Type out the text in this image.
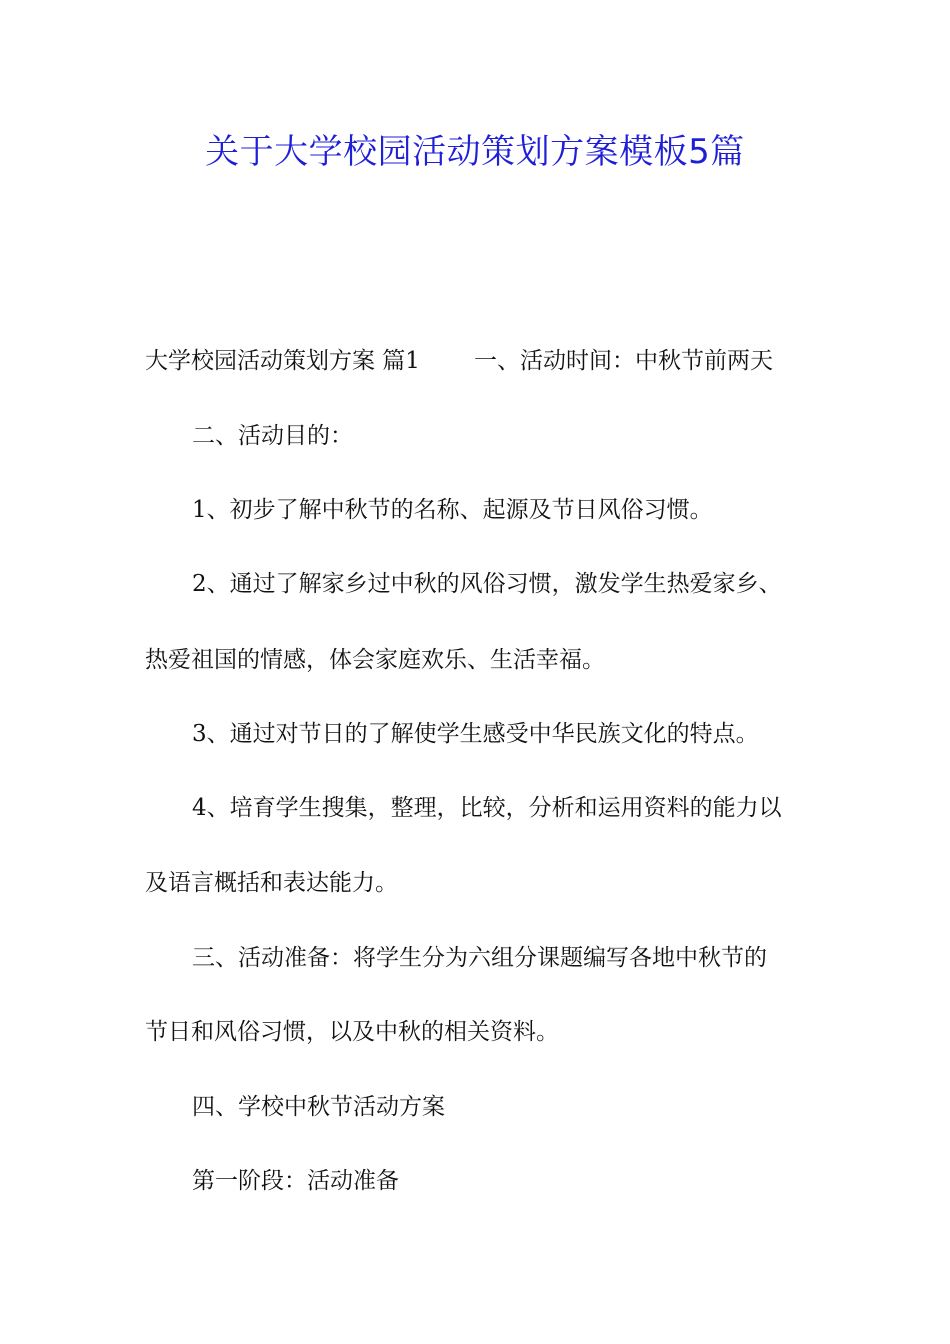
关于大学校园活动策划方案模板5篇
大学校园活动策划方案 篇1 一、活动时间：中秋节前两天
二、活动目的：
1、初步了解中秋节的名称、起源及节日风俗习惯。
2、通过了解家乡过中秋的风俗习惯，激发学生热爱家乡、
热爱祖国的情感，体会家庭欢乐、生活幸福。
3、通过对节日的了解使学生感受中华民族文化的特点。
4、培育学生搜集，整理，比较，分析和运用资料的能力以
及语言概括和表达能力。
三、活动准备：将学生分为六组分课题编写各地中秋节的
节日和风俗习惯，以及中秋的相关资料。
四、学校中秋节活动方案
第一阶段：活动准备
